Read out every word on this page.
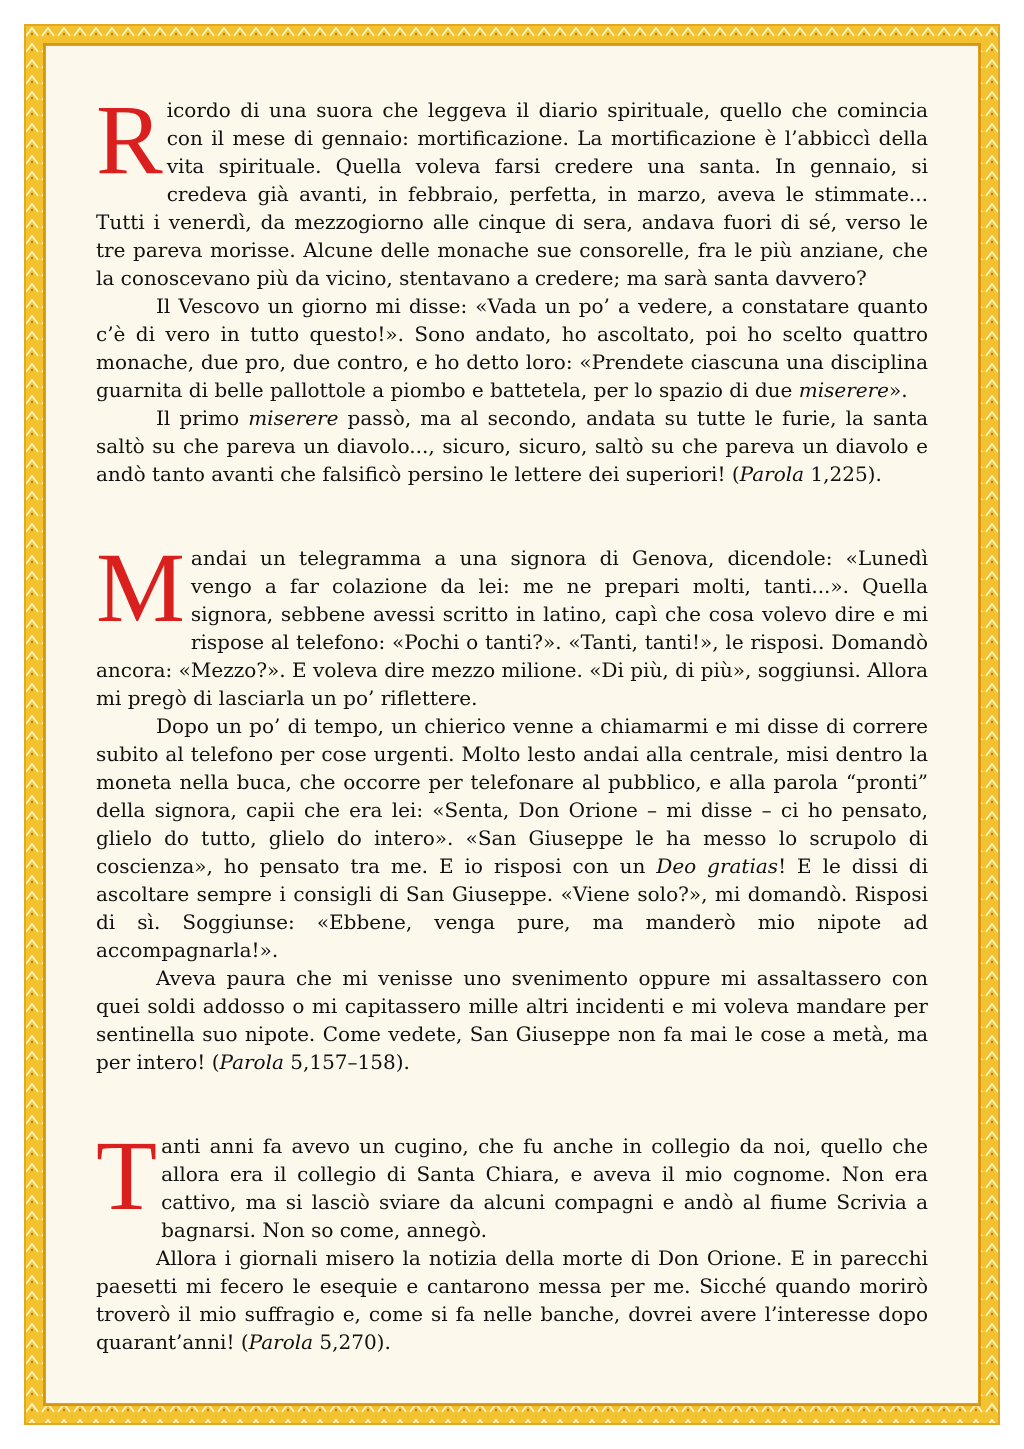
Ricordo di una suora che leggeva il diario spirituale, quello che comincia con il mese di gennaio: mortificazione. La mortificazione è l’abbiccì della vita spirituale. Quella voleva farsi credere una santa. In gennaio, si credeva già avanti, in febbraio, perfetta, in marzo, aveva le stimmate... Tutti i venerdì, da mezzogiorno alle cinque di sera, andava fuori di sé, verso le tre pareva morisse. Alcune delle monache sue consorelle, fra le più anziane, che la conoscevano più da vicino, stentavano a credere; ma sarà santa davvero?

Il Vescovo un giorno mi disse: «Vada un po’ a vedere, a constatare quanto c’è di vero in tutto questo!». Sono andato, ho ascoltato, poi ho scelto quattro monache, due pro, due contro, e ho detto loro: «Prendete ciascuna una disciplina guarnita di belle pallottole a piombo e battetela, per lo spazio di due miserere».

Il primo miserere passò, ma al secondo, andata su tutte le furie, la santa saltò su che pareva un diavolo..., sicuro, sicuro, saltò su che pareva un diavolo e andò tanto avanti che falsificò persino le lettere dei superiori! (Parola 1,225).

Mandai un telegramma a una signora di Genova, dicendole: «Lunedì vengo a far colazione da lei: me ne prepari molti, tanti...». Quella signora, sebbene avessi scritto in latino, capì che cosa volevo dire e mi rispose al telefono: «Pochi o tanti?». «Tanti, tanti!», le risposi. Domandò ancora: «Mezzo?». E voleva dire mezzo milione. «Di più, di più», soggiunsi. Allora mi pregò di lasciarla un po’ riflettere.

Dopo un po’ di tempo, un chierico venne a chiamarmi e mi disse di correre subito al telefono per cose urgenti. Molto lesto andai alla centrale, misi dentro la moneta nella buca, che occorre per telefonare al pubblico, e alla parola “pronti” della signora, capii che era lei: «Senta, Don Orione – mi disse – ci ho pensato, glielo do tutto, glielo do intero». «San Giuseppe le ha messo lo scrupolo di coscienza», ho pensato tra me. E io risposi con un Deo gratias! E le dissi di ascoltare sempre i consigli di San Giuseppe. «Viene solo?», mi domandò. Risposi di sì. Soggiunse: «Ebbene, venga pure, ma manderò mio nipote ad accompagnarla!».

Aveva paura che mi venisse uno svenimento oppure mi assaltassero con quei soldi addosso o mi capitassero mille altri incidenti e mi voleva mandare per sentinella suo nipote. Come vedete, San Giuseppe non fa mai le cose a metà, ma per intero! (Parola 5,157–158).

Tanti anni fa avevo un cugino, che fu anche in collegio da noi, quello che allora era il collegio di Santa Chiara, e aveva il mio cognome. Non era cattivo, ma si lasciò sviare da alcuni compagni e andò al fiume Scrivia a bagnarsi. Non so come, annegò.

Allora i giornali misero la notizia della morte di Don Orione. E in parecchi paesetti mi fecero le esequie e cantarono messa per me. Sicché quando morirò troverò il mio suffragio e, come si fa nelle banche, dovrei avere l’interesse dopo quarant’anni! (Parola 5,270).
